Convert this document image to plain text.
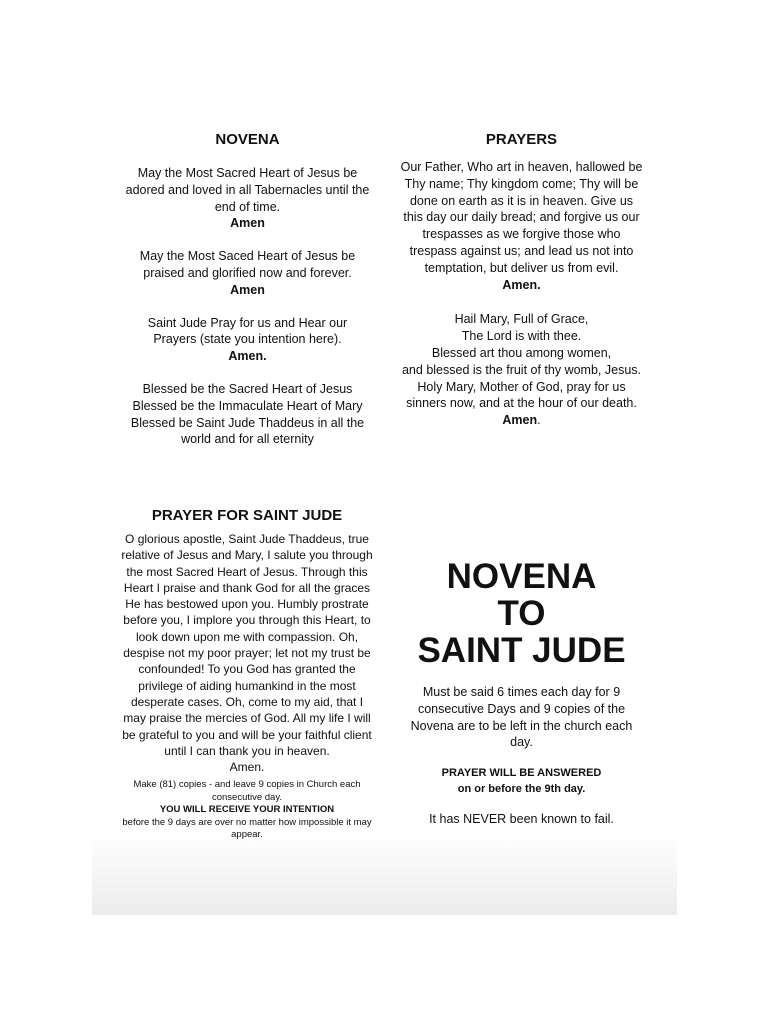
NOVENA

May the Most Sacred Heart of Jesus be adored and loved in all Tabernacles until the end of time.

Amen

May the Most Saced Heart of Jesus be praised and glorified now and forever.

Amen

Saint Jude Pray for us and Hear our Prayers (state you intention here).

Amen.

Blessed be the Sacred Heart of Jesus

Blessed be the Immaculate Heart of Mary

Blessed be Saint Jude Thaddeus in all the world and for all eternity

PRAYERS

Our Father, Who art in heaven, hallowed be Thy name; Thy kingdom come; Thy will be done on earth as it is in heaven. Give us this day our daily bread; and forgive us our trespasses as we forgive those who trespass against us; and lead us not into temptation, but deliver us from evil.

Amen.

Hail Mary, Full of Grace,

The Lord is with thee.

Blessed art thou among women,

and blessed is the fruit of thy womb, Jesus.

Holy Mary, Mother of God, pray for us sinners now, and at the hour of our death.

Amen.

PRAYER FOR SAINT JUDE

O glorious apostle, Saint Jude Thaddeus, true relative of Jesus and Mary, I salute you through the most Sacred Heart of Jesus. Through this Heart I praise and thank God for all the graces He has bestowed upon you. Humbly prostrate before you, I implore you through this Heart, to look down upon me with compassion. Oh, despise not my poor prayer; let not my trust be confounded! To you God has granted the privilege of aiding humankind in the most desperate cases. Oh, come to my aid, that I may praise the mercies of God. All my life I will be grateful to you and will be your faithful client until I can thank you in heaven.

Amen.

Make (81) copies - and leave 9 copies in Church each consecutive day.

YOU WILL RECEIVE YOUR INTENTION

before the 9 days are over no matter how impossible it may appear.

NOVENA
TO
SAINT JUDE

Must be said 6 times each day for 9 consecutive Days and 9 copies of the Novena are to be left in the church each day.

PRAYER WILL BE ANSWERED

on or before the 9th day.

It has NEVER been known to fail.
